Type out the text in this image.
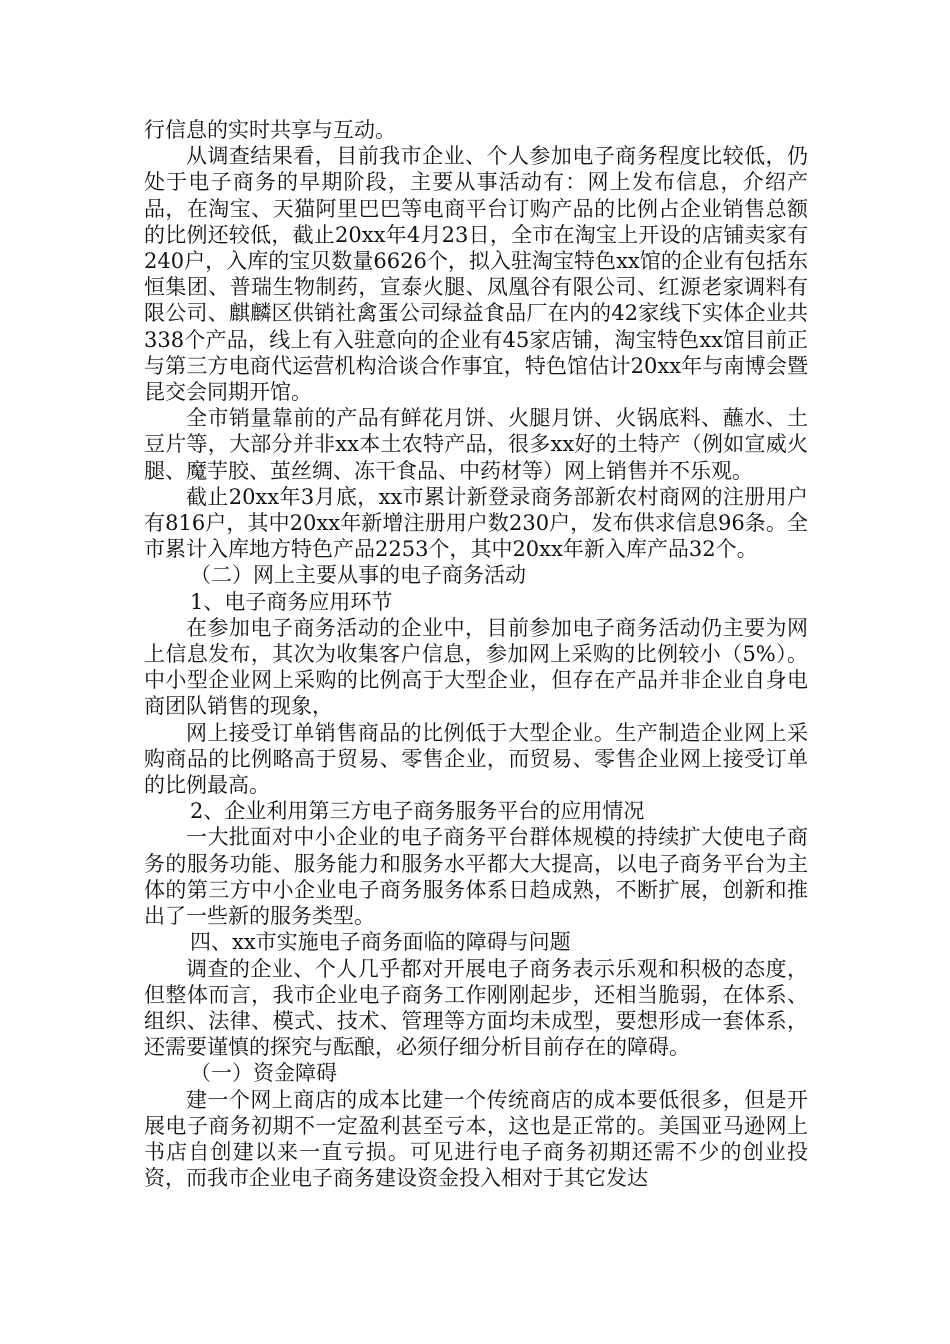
行信息的实时共享与互动。

从调查结果看，目前我市企业、个人参加电子商务程度比较低，仍处于电子商务的早期阶段，主要从事活动有：网上发布信息，介绍产品，在淘宝、天猫阿里巴巴等电商平台订购产品的比例占企业销售总额的比例还较低，截止20xx年4月23日，全市在淘宝上开设的店铺卖家有240户，入库的宝贝数量6626个，拟入驻淘宝特色xx馆的企业有包括东恒集团、普瑞生物制药，宣泰火腿、凤凰谷有限公司、红源老家调料有限公司、麒麟区供销社禽蛋公司绿益食品厂在内的42家线下实体企业共338个产品，线上有入驻意向的企业有45家店铺，淘宝特色xx馆目前正与第三方电商代运营机构洽谈合作事宜，特色馆估计20xx年与南博会暨昆交会同期开馆。

全市销量靠前的产品有鲜花月饼、火腿月饼、火锅底料、蘸水、土豆片等，大部分并非xx本土农特产品，很多xx好的土特产（例如宣威火腿、魔芋胶、茧丝绸、冻干食品、中药材等）网上销售并不乐观。

截止20xx年3月底，xx市累计新登录商务部新农村商网的注册用户有816户，其中20xx年新增注册用户数230户，发布供求信息96条。全市累计入库地方特色产品2253个，其中20xx年新入库产品32个。

（二）网上主要从事的电子商务活动

1、电子商务应用环节

在参加电子商务活动的企业中，目前参加电子商务活动仍主要为网上信息发布，其次为收集客户信息，参加网上采购的比例较小（5%）。中小型企业网上采购的比例高于大型企业，但存在产品并非企业自身电商团队销售的现象，

网上接受订单销售商品的比例低于大型企业。生产制造企业网上采购商品的比例略高于贸易、零售企业，而贸易、零售企业网上接受订单的比例最高。

2、企业利用第三方电子商务服务平台的应用情况

一大批面对中小企业的电子商务平台群体规模的持续扩大使电子商务的服务功能、服务能力和服务水平都大大提高，以电子商务平台为主体的第三方中小企业电子商务服务体系日趋成熟，不断扩展，创新和推出了一些新的服务类型。

四、xx市实施电子商务面临的障碍与问题

调查的企业、个人几乎都对开展电子商务表示乐观和积极的态度，但整体而言，我市企业电子商务工作刚刚起步，还相当脆弱，在体系、组织、法律、模式、技术、管理等方面均未成型，要想形成一套体系，还需要谨慎的探究与酝酿，必须仔细分析目前存在的障碍。

（一）资金障碍

建一个网上商店的成本比建一个传统商店的成本要低很多，但是开展电子商务初期不一定盈利甚至亏本，这也是正常的。美国亚马逊网上书店自创建以来一直亏损。可见进行电子商务初期还需不少的创业投资，而我市企业电子商务建设资金投入相对于其它发达
